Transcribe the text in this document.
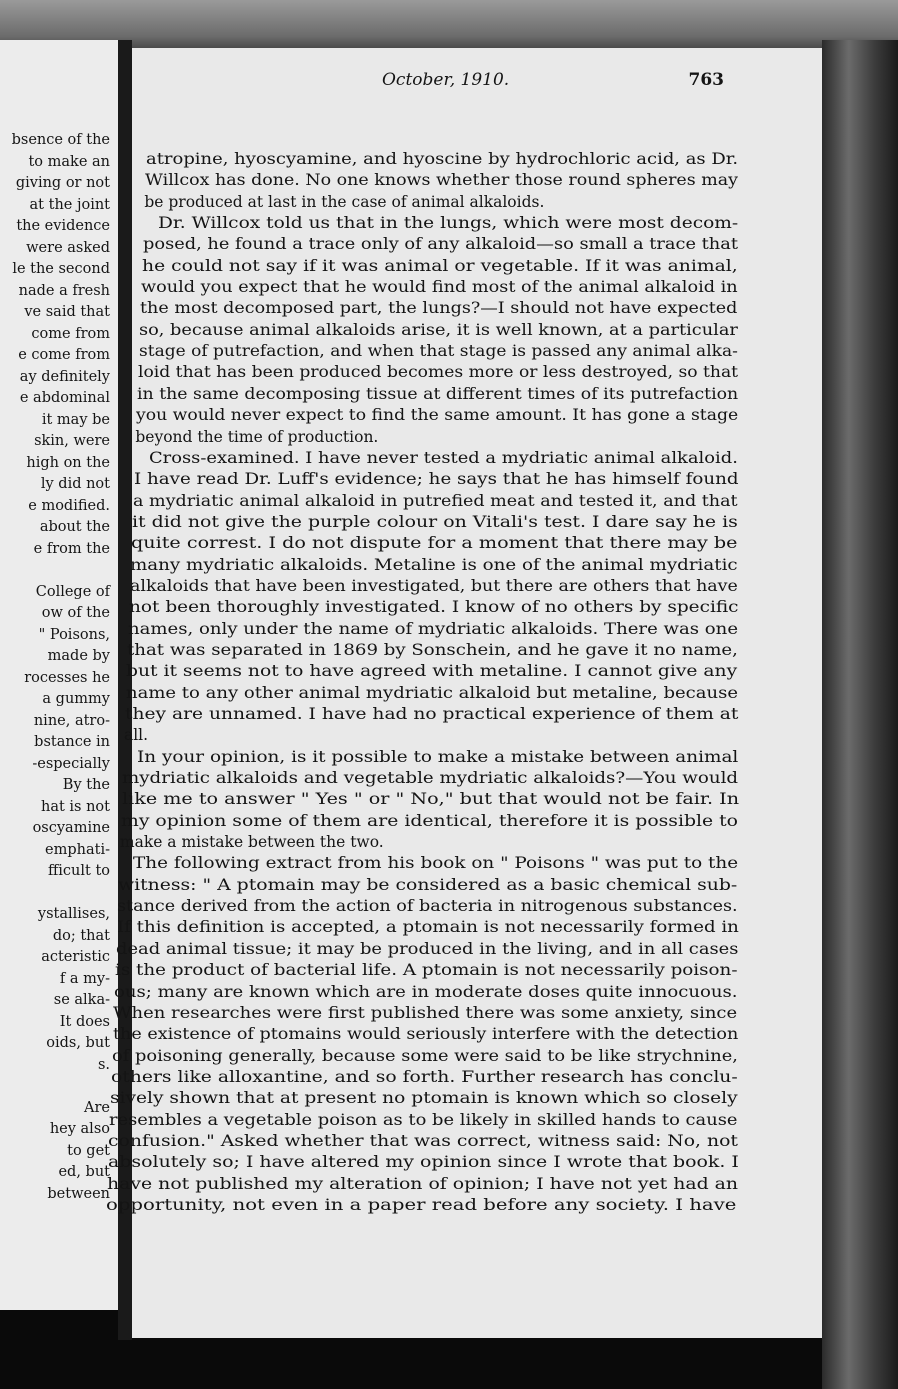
bsence of the
to make an
giving or not
at the joint
the evidence
were asked
le the second
nade a fresh
ve said that
come from
e come from
ay definitely
e abdominal
it may be
skin, were
high on the
ly did not
e modified.
about the
e from the
College of
ow of the
" Poisons,
made by
rocesses he
a gummy
nine, atro-
bstance in
-especially
By the
hat is not
oscyamine
emphati-
fficult to
ystallises,
do; that
acteristic
f a my-
se alka-
It does
oids, but
s.
Are
hey also
to get
ed, but
between
October, 1910.	763
atropine, hyoscyamine, and hyoscine by hydrochloric acid, as Dr.
Willcox has done. No one knows whether those round spheres may
be produced at last in the case of animal alkaloids.
Dr. Willcox told us that in the lungs, which were most decom-
posed, he found a trace only of any alkaloid—so small a trace that
he could not say if it was animal or vegetable. If it was animal,
would you expect that he would find most of the animal alkaloid in
the most decomposed part, the lungs?—I should not have expected
so, because animal alkaloids arise, it is well known, at a particular
stage of putrefaction, and when that stage is passed any animal alka-
loid that has been produced becomes more or less destroyed, so that
in the same decomposing tissue at different times of its putrefaction
you would never expect to find the same amount. It has gone a stage
beyond the time of production.
Cross-examined. I have never tested a mydriatic animal alkaloid.
I have read Dr. Luff's evidence; he says that he has himself found
a mydriatic animal alkaloid in putrefied meat and tested it, and that
it did not give the purple colour on Vitali's test. I dare say he is
quite correst. I do not dispute for a moment that there may be
many mydriatic alkaloids. Metaline is one of the animal mydriatic
alkaloids that have been investigated, but there are others that have
not been thoroughly investigated. I know of no others by specific
names, only under the name of mydriatic alkaloids. There was one
that was separated in 1869 by Sonschein, and he gave it no name,
but it seems not to have agreed with metaline. I cannot give any
name to any other animal mydriatic alkaloid but metaline, because
they are unnamed. I have had no practical experience of them at
all.
In your opinion, is it possible to make a mistake between animal
mydriatic alkaloids and vegetable mydriatic alkaloids?—You would
like me to answer " Yes " or " No," but that would not be fair. In
my opinion some of them are identical, therefore it is possible to
make a mistake between the two.
The following extract from his book on " Poisons " was put to the
witness: " A ptomain may be considered as a basic chemical sub-
stance derived from the action of bacteria in nitrogenous substances.
If this definition is accepted, a ptomain is not necessarily formed in
dead animal tissue; it may be produced in the living, and in all cases
is the product of bacterial life. A ptomain is not necessarily poison-
ous; many are known which are in moderate doses quite innocuous.
When researches were first published there was some anxiety, since
the existence of ptomains would seriously interfere with the detection
of poisoning generally, because some were said to be like strychnine,
others like alloxantine, and so forth. Further research has conclu-
sively shown that at present no ptomain is known which so closely
resembles a vegetable poison as to be likely in skilled hands to cause
confusion." Asked whether that was correct, witness said: No, not
absolutely so; I have altered my opinion since I wrote that book. I
have not published my alteration of opinion; I have not yet had an
opportunity, not even in a paper read before any society. I have
